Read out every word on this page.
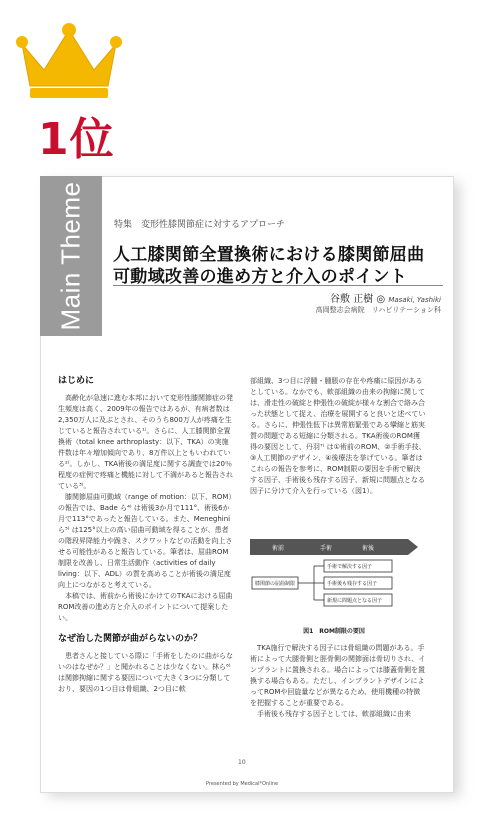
1位
Main Theme	特集　変形性膝関節症に対するアプローチ
人工膝関節全置換術における膝関節屈曲
可動域改善の進め方と介入のポイント
谷敷 正樹 ◎ Masaki, Yashiki
高岡整志会病院　リハビリテーション科
はじめに

　高齢化が急速に進む本邦において変形性膝関節症の発生頻度は高く、2009年の報告ではあるが、有病者数は2,350万人に及ぶとされ、そのうち800万人が疼痛を生じていると報告されている¹⁾。さらに、人工膝関節全置換術（total knee arthroplasty：以下、TKA）の実施件数は年々増加傾向であり、8万件以上ともいわれている²⁾。しかし、TKA術後の満足度に関する調査では20％程度の症例で疼痛と機能に対して不満があると報告されている³⁾。

　膝関節屈曲可動域（range of motion：以下、ROM）の報告では、Bade ら⁴⁾ は術後3か月で111°、術後6か月で113°であったと報告している。また、Meneghini ら⁵⁾ は125°以上の高い屈曲可動域を得ることが、患者の階段昇降能力や跪き、スクワットなどの活動を向上させる可能性があると報告している。筆者は、屈曲ROM制限を改善し、日常生活動作（activities of daily living：以下、ADL）の質を高めることが術後の満足度向上につながると考えている。

　本稿では、術前から術後にかけてのTKAにおける屈曲ROM改善の進め方と介入のポイントについて提案したい。

なぜ治した関節が曲がらないのか？

　患者さんと接している際に「手術をしたのに曲がらないのはなぜか？」と聞かれることは少なくない。林ら⁶⁾ は関節拘縮に関する要因について大きく3つに分類しており、要因の1つ目は骨組織、2つ目に軟

部組織、3つ目に浮腫・腫脹の存在や疼痛に原因があるとしている。なかでも、軟部組織の由来の拘縮に関しては、滑走性の破綻と伸張性の破綻が様々な割合で絡み合った状態として捉え、治療を展開すると良いと述べている。さらに、伸張性低下は異常筋緊張である攣縮と筋実質の問題である短縮に分類される。TKA術後のROM獲得の要因として、丹羽⁷⁾ は①術前のROM、②手術手技、③人工関節のデザイン、④後療法を挙げている。筆者はこれらの報告を参考に、ROM制限の要因を手術で解決する因子、手術後も残存する因子、新規に問題点となる因子に分けて介入を行っている（図1）。

術前	手術	術後
膝関節の屈曲制限
手術で解決する因子
手術後も残存する因子
新規に問題点となる因子
図1　ROM制限の要因

　TKA施行で解決する因子には骨組織の問題がある。手術によって大腿骨側と脛骨側の関節面は骨切りされ、インプラントに置換される。場合によっては膝蓋骨側を置換する場合もある。ただし、インプラントデザインによってROMや回旋量などが異なるため、使用機種の特徴を把握することが重要である。

　手術後も残存する因子としては、軟部組織に由来

10
Presented by Medical*Online
